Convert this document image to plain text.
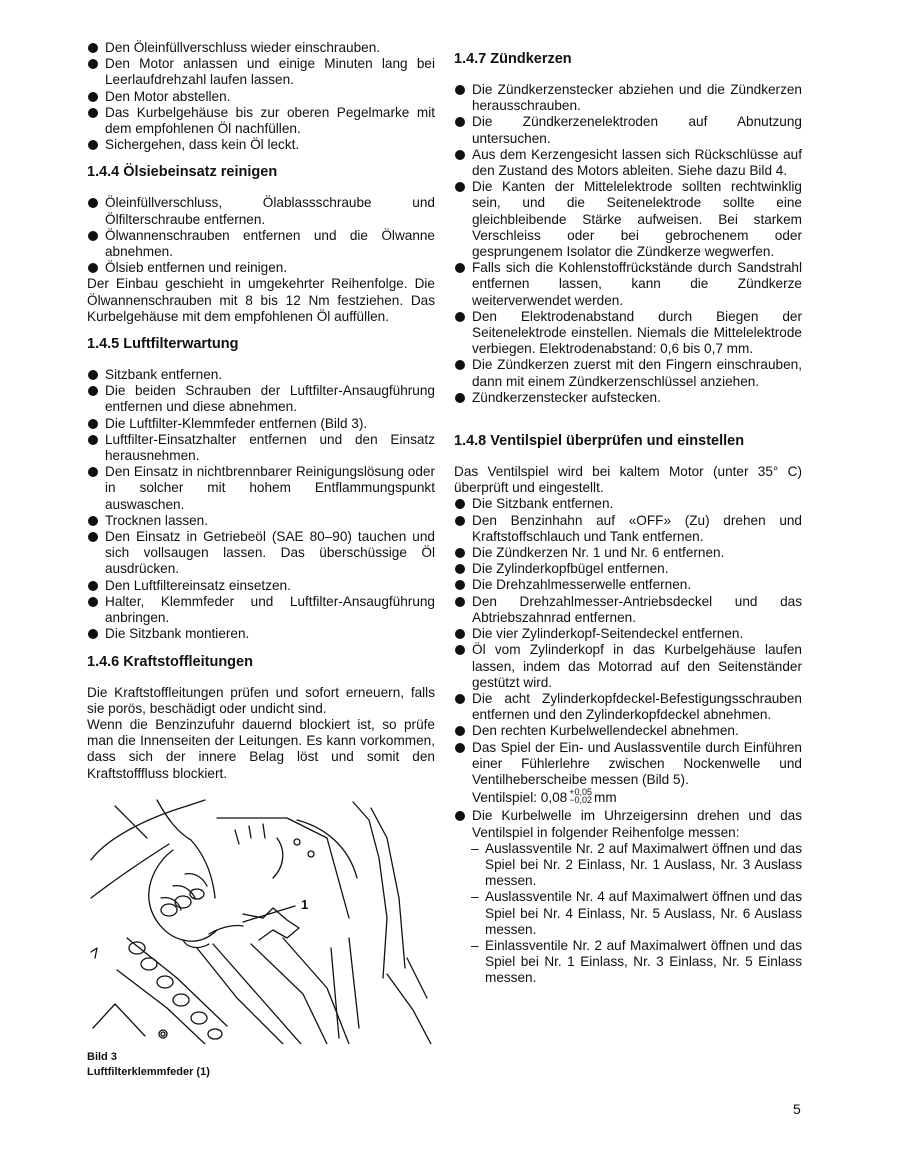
Den Öleinfüllverschluss wieder einschrauben.
Den Motor anlassen und einige Minuten lang bei Leerlaufdrehzahl laufen lassen.
Den Motor abstellen.
Das Kurbelgehäuse bis zur oberen Pegelmarke mit dem empfohlenen Öl nachfüllen.
Sichergehen, dass kein Öl leckt.
1.4.4 Ölsiebeinsatz reinigen
Öleinfüllverschluss, Ölablassschraube und Ölfilterschraube entfernen.
Ölwannenschrauben entfernen und die Ölwanne abnehmen.
Ölsieb entfernen und reinigen.
Der Einbau geschieht in umgekehrter Reihenfolge. Die Ölwannenschrauben mit 8 bis 12 Nm festziehen. Das Kurbelgehäuse mit dem empfohlenen Öl auffüllen.
1.4.5 Luftfilterwartung
Sitzbank entfernen.
Die beiden Schrauben der Luftfilter-Ansaugführung entfernen und diese abnehmen.
Die Luftfilter-Klemmfeder entfernen (Bild 3).
Luftfilter-Einsatzhalter entfernen und den Einsatz herausnehmen.
Den Einsatz in nichtbrennbarer Reinigungslösung oder in solcher mit hohem Entflammungspunkt auswaschen.
Trocknen lassen.
Den Einsatz in Getriebeöl (SAE 80–90) tauchen und sich vollsaugen lassen. Das überschüssige Öl ausdrücken.
Den Luftfiltereinsatz einsetzen.
Halter, Klemmfeder und Luftfilter-Ansaugführung anbringen.
Die Sitzbank montieren.
1.4.6 Kraftstoffleitungen
Die Kraftstoffleitungen prüfen und sofort erneuern, falls sie porös, beschädigt oder undicht sind.
Wenn die Benzinzufuhr dauernd blockiert ist, so prüfe man die Innenseiten der Leitungen. Es kann vorkommen, dass sich der innere Belag löst und somit den Kraftstofffluss blockiert.
1
Bild 3
Luftfilterklemmfeder (1)
1.4.7 Zündkerzen
Die Zündkerzenstecker abziehen und die Zündkerzen herausschrauben.
Die Zündkerzenelektroden auf Abnutzung untersuchen.
Aus dem Kerzengesicht lassen sich Rückschlüsse auf den Zustand des Motors ableiten. Siehe dazu Bild 4.
Die Kanten der Mittelelektrode sollten rechtwinklig sein, und die Seitenelektrode sollte eine gleichbleibende Stärke aufweisen. Bei starkem Verschleiss oder bei gebrochenem oder gesprungenem Isolator die Zündkerze wegwerfen.
Falls sich die Kohlenstoffrückstände durch Sandstrahl entfernen lassen, kann die Zündkerze weiterverwendet werden.
Den Elektrodenabstand durch Biegen der Seitenelektrode einstellen. Niemals die Mittelelektrode verbiegen. Elektrodenabstand: 0,6 bis 0,7 mm.
Die Zündkerzen zuerst mit den Fingern einschrauben, dann mit einem Zündkerzenschlüssel anziehen.
Zündkerzenstecker aufstecken.
1.4.8 Ventilspiel überprüfen und einstellen
Das Ventilspiel wird bei kaltem Motor (unter 35° C) überprüft und eingestellt.
Die Sitzbank entfernen.
Den Benzinhahn auf «OFF» (Zu) drehen und Kraftstoffschlauch und Tank entfernen.
Die Zündkerzen Nr. 1 und Nr. 6 entfernen.
Die Zylinderkopfbügel entfernen.
Die Drehzahlmesserwelle entfernen.
Den Drehzahlmesser-Antriebsdeckel und das Abtriebszahnrad entfernen.
Die vier Zylinderkopf-Seitendeckel entfernen.
Öl vom Zylinderkopf in das Kurbelgehäuse laufen lassen, indem das Motorrad auf den Seitenständer gestützt wird.
Die acht Zylinderkopfdeckel-Befestigungsschrauben entfernen und den Zylinderkopfdeckel abnehmen.
Den rechten Kurbelwellendeckel abnehmen.
Das Spiel der Ein- und Auslassventile durch Einführen einer Fühlerlehre zwischen Nockenwelle und Ventilheberscheibe messen (Bild 5).
Ventilspiel: 0,08 +0,05
−0,02 mm
Die Kurbelwelle im Uhrzeigersinn drehen und das Ventilspiel in folgender Reihenfolge messen:
– Auslassventile Nr. 2 auf Maximalwert öffnen und das Spiel bei Nr. 2 Einlass, Nr. 1 Auslass, Nr. 3 Auslass messen.
– Auslassventile Nr. 4 auf Maximalwert öffnen und das Spiel bei Nr. 4 Einlass, Nr. 5 Auslass, Nr. 6 Auslass messen.
– Einlassventile Nr. 2 auf Maximalwert öffnen und das Spiel bei Nr. 1 Einlass, Nr. 3 Einlass, Nr. 5 Einlass messen.
5
